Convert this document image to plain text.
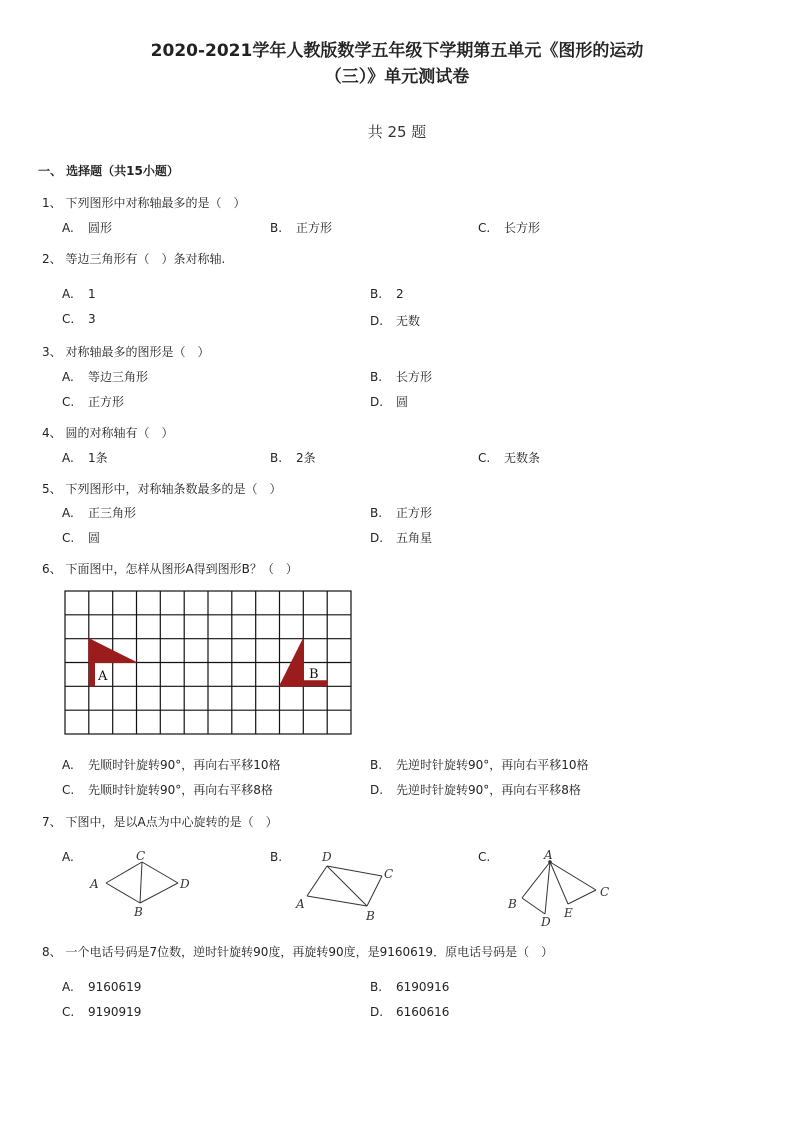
2020-2021学年人教版数学五年级下学期第五单元《图形的运动
（三）》单元测试卷
共 25 题
一、 选择题（共15小题）
1、 下列图形中对称轴最多的是（　）
A. 圆形	B. 正方形	C. 长方形
2、 等边三角形有（　）条对称轴.
A. 1	B. 2
C. 3	D. 无数
3、 对称轴最多的图形是（　）
A. 等边三角形	B. 长方形
C. 正方形	D. 圆
4、 圆的对称轴有（　）
A. 1条	B. 2条	C. 无数条
5、 下列图形中，对称轴条数最多的是（　）
A. 正三角形	B. 正方形
C. 圆	D. 五角星
6、 下面图中，怎样从图形A得到图形B？（　）
A	B
A. 先顺时针旋转90°，再向右平移10格	B. 先逆时针旋转90°，再向右平移10格
C. 先顺时针旋转90°，再向右平移8格	D. 先逆时针旋转90°，再向右平移8格
7、 下图中，是以A点为中心旋转的是（　）
A.	C
A	D
B
B.	D
C
A
B
C.	A
B
D
E
C
8、 一个电话号码是7位数，逆时针旋转90度，再旋转90度，是9160619．原电话号码是（　）
A. 9160619	B. 6190916
C. 9190919	D. 6160616
